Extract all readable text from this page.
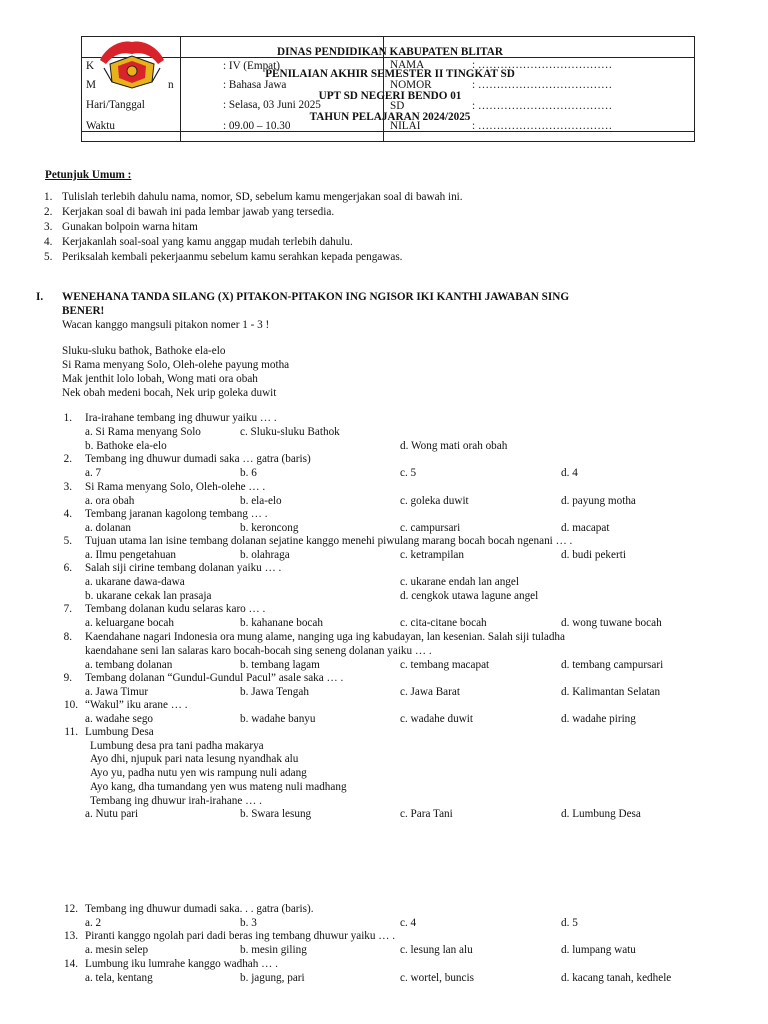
K	: IV (Empat)
M	n	: Bahasa Jawa
Hari/Tanggal	: Selasa, 03 Juni 2025
Waktu	: 09.00 – 10.30
NAMA	: ………………………………
NOMOR	: ………………………………
SD	: ………………………………
NILAI	: ………………………………
DINAS PENDIDIKAN KABUPATEN BLITAR
PENILAIAN AKHIR SEMESTER II TINGKAT SD
UPT SD NEGERI BENDO 01
TAHUN PELAJARAN 2024/2025
Petunjuk Umum :
1. Tulislah terlebih dahulu nama, nomor, SD, sebelum kamu mengerjakan soal di bawah ini.
2. Kerjakan soal di bawah ini pada lembar jawab yang tersedia.
3. Gunakan bolpoin warna hitam
4. Kerjakanlah soal-soal yang kamu anggap mudah terlebih dahulu.
5. Periksalah kembali pekerjaanmu sebelum kamu serahkan kepada pengawas.
I. WENEHANA TANDA SILANG (X) PITAKON-PITAKON ING NGISOR IKI KANTHI JAWABAN SING
BENER!
Wacan kanggo mangsuli pitakon nomer 1 - 3 !
Sluku-sluku bathok, Bathoke ela-elo
Si Rama menyang Solo, Oleh-olehe payung motha
Mak jenthit lolo lobah, Wong mati ora obah
Nek obah medeni bocah, Nek urip goleka duwit
1. Ira-irahane tembang ing dhuwur yaiku … .
a. Si Rama menyang Solo	c. Sluku-sluku Bathok
b. Bathoke ela-elo	d. Wong mati orah obah
2. Tembang ing dhuwur dumadi saka … gatra (baris)
a. 7	b. 6	c. 5	d. 4
3. Si Rama menyang Solo, Oleh-olehe … .
a. ora obah	b. ela-elo	c. goleka duwit	d. payung motha
4. Tembang jaranan kagolong tembang … .
a. dolanan	b. keroncong	c. campursari	d. macapat
5. Tujuan utama lan isine tembang dolanan sejatine kanggo menehi piwulang marang bocah bocah ngenani … .
a. Ilmu pengetahuan	b. olahraga	c. ketrampilan	d. budi pekerti
6. Salah siji cirine tembang dolanan yaiku … .
a. ukarane dawa-dawa	c. ukarane endah lan angel
b. ukarane cekak lan prasaja	d. cengkok utawa lagune angel
7. Tembang dolanan kudu selaras karo … .
a. keluargane bocah	b. kahanane bocah	c. cita-citane bocah	d. wong tuwane bocah
8. Kaendahane nagari Indonesia ora mung alame, nanging uga ing kabudayan, lan kesenian. Salah siji tuladha
kaendahane seni lan salaras karo bocah-bocah sing seneng dolanan yaiku … .
a. tembang dolanan	b. tembang lagam	c. tembang macapat	d. tembang campursari
9. Tembang dolanan “Gundul-Gundul Pacul” asale saka … .
a. Jawa Timur	b. Jawa Tengah	c. Jawa Barat	d. Kalimantan Selatan
10. “Wakul” iku arane … .
a. wadahe sego	b. wadahe banyu	c. wadahe duwit	d. wadahe piring
11. Lumbung Desa
Lumbung desa pra tani padha makarya
Ayo dhi, njupuk pari nata lesung nyandhak alu
Ayo yu, padha nutu yen wis rampung nuli adang
Ayo kang, dha tumandang yen wus mateng nuli madhang
Tembang ing dhuwur irah-irahane … .
a. Nutu pari	b. Swara lesung	c. Para Tani	d. Lumbung Desa
12. Tembang ing dhuwur dumadi saka. . . gatra (baris).
a. 2	b. 3	c. 4	d. 5
13. Piranti kanggo ngolah pari dadi beras ing tembang dhuwur yaiku … .
a. mesin selep	b. mesin giling	c. lesung lan alu	d. lumpang watu
14. Lumbung iku lumrahe kanggo wadhah … .
a. tela, kentang	b. jagung, pari	c. wortel, buncis	d. kacang tanah, kedhele
